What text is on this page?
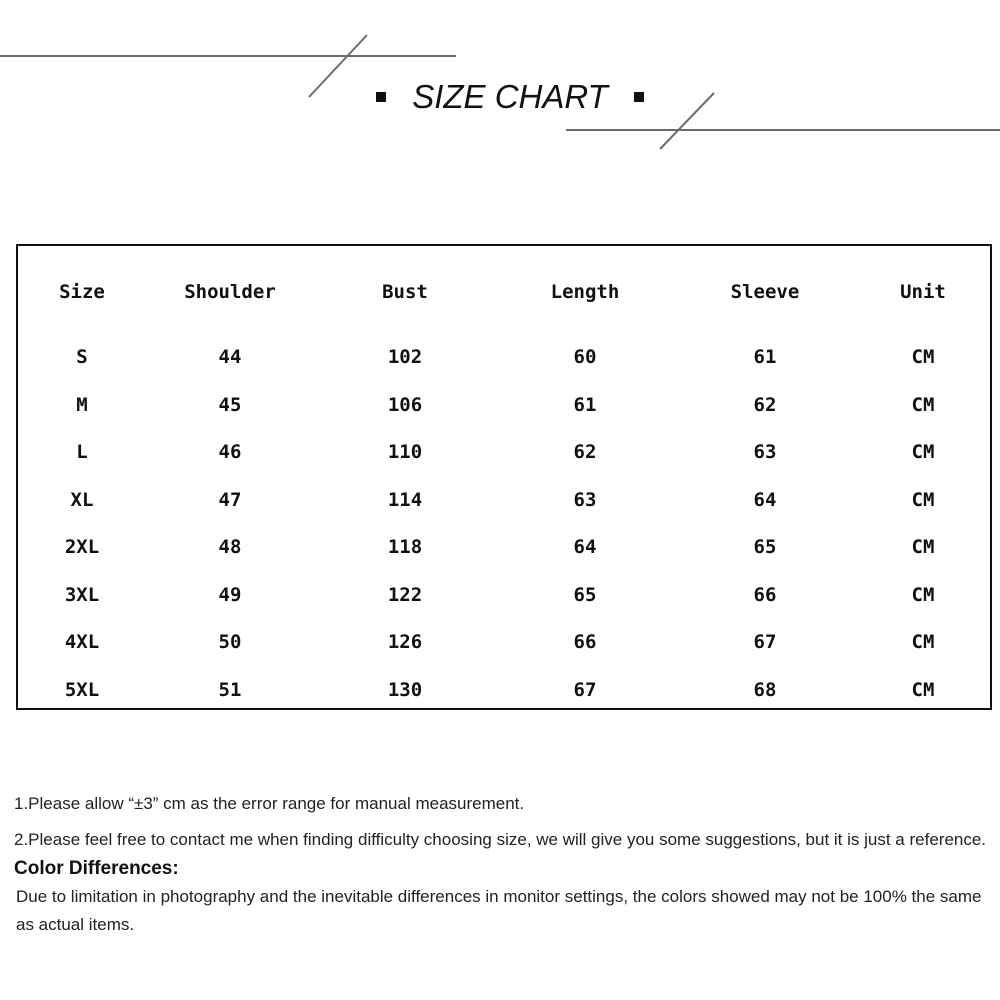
SIZE CHART
Size	Shoulder	Bust	Length	Sleeve	Unit
S	44	102	60	61	CM
M	45	106	61	62	CM
L	46	110	62	63	CM
XL	47	114	63	64	CM
2XL	48	118	64	65	CM
3XL	49	122	65	66	CM
4XL	50	126	66	67	CM
5XL	51	130	67	68	CM

1.Please allow “±3” cm as the error range for manual measurement.

2.Please feel free to contact me when finding difficulty choosing size, we will give you some suggestions, but it is just a reference.

Color Differences:

Due to limitation in photography and the inevitable differences in monitor settings, the colors showed may not be 100% the same as actual items.
